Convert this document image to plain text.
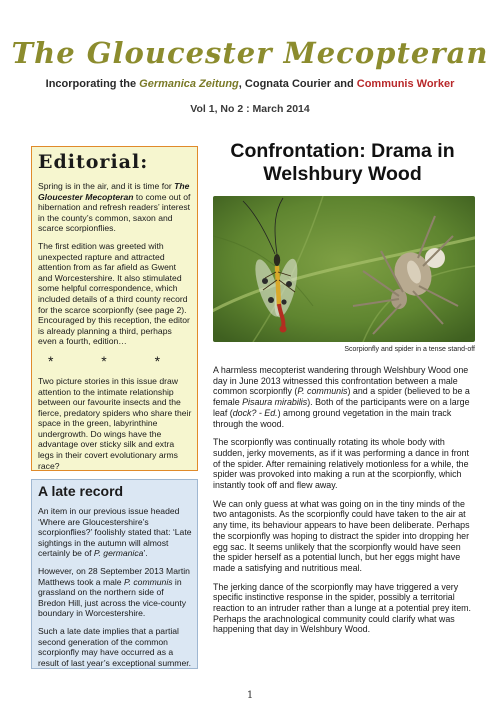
The Gloucester Mecopteran
Incorporating the Germanica Zeitung, Cognata Courier and Communis Worker
Vol 1, No 2 : March 2014
Editorial:

Spring is in the air, and it is time for The Gloucester Mecopteran to come out of hibernation and refresh readers’ interest in the county’s common, saxon and scarce scorpionflies.

The first edition was greeted with unexpected rapture and attracted attention from as far afield as Gwent and Worcestershire. It also stimulated some helpful correspondence, which included details of a third county record for the scarce scorpionfly (see page 2). Encouraged by this reception, the editor is already planning a third, perhaps even a fourth, edition…

* * *

Two picture stories in this issue draw attention to the intimate relationship between our favourite insects and the fierce, predatory spiders who share their space in the green, labyrinthine undergrowth. Do wings have the advantage over sticky silk and extra legs in their covert evolutionary arms race?

A late record

An item in our previous issue headed ‘Where are Gloucestershire’s scorpionflies?’ foolishly stated that: ‘Late sightings in the autumn will almost certainly be of P. germanica’.

However, on 28 September 2013 Martin Matthews took a male P. communis in grassland on the northern side of Bredon Hill, just across the vice-county boundary in Worcestershire.

Such a late date implies that a partial second generation of the common scorpionfly may have occurred as a result of last year’s exceptional summer.

Confrontation: Drama in Welshbury Wood
Scorpionfly and spider in a tense stand-off

A harmless mecopterist wandering through Welshbury Wood one day in June 2013 witnessed this confrontation between a male common scorpionfly (P. communis) and a spider (believed to be a female Pisaura mirabilis). Both of the participants were on a large leaf (dock? - Ed.) among ground vegetation in the main track through the wood.

The scorpionfly was continually rotating its whole body with sudden, jerky movements, as if it was performing a dance in front of the spider. After remaining relatively motionless for a while, the spider was provoked into making a run at the scorpionfly, which instantly took off and flew away.

We can only guess at what was going on in the tiny minds of the two antagonists. As the scorpionfly could have taken to the air at any time, its behaviour appears to have been deliberate. Perhaps the scorpionfly was hoping to distract the spider into dropping her egg sac. It seems unlikely that the scorpionfly would have seen the spider herself as a potential lunch, but her eggs might have made a satisfying and nutritious meal.

The jerking dance of the scorpionfly may have triggered a very specific instinctive response in the spider, possibly a territorial reaction to an intruder rather than a lunge at a potential prey item. Perhaps the arachnological community could clarify what was happening that day in Welshbury Wood.

1
